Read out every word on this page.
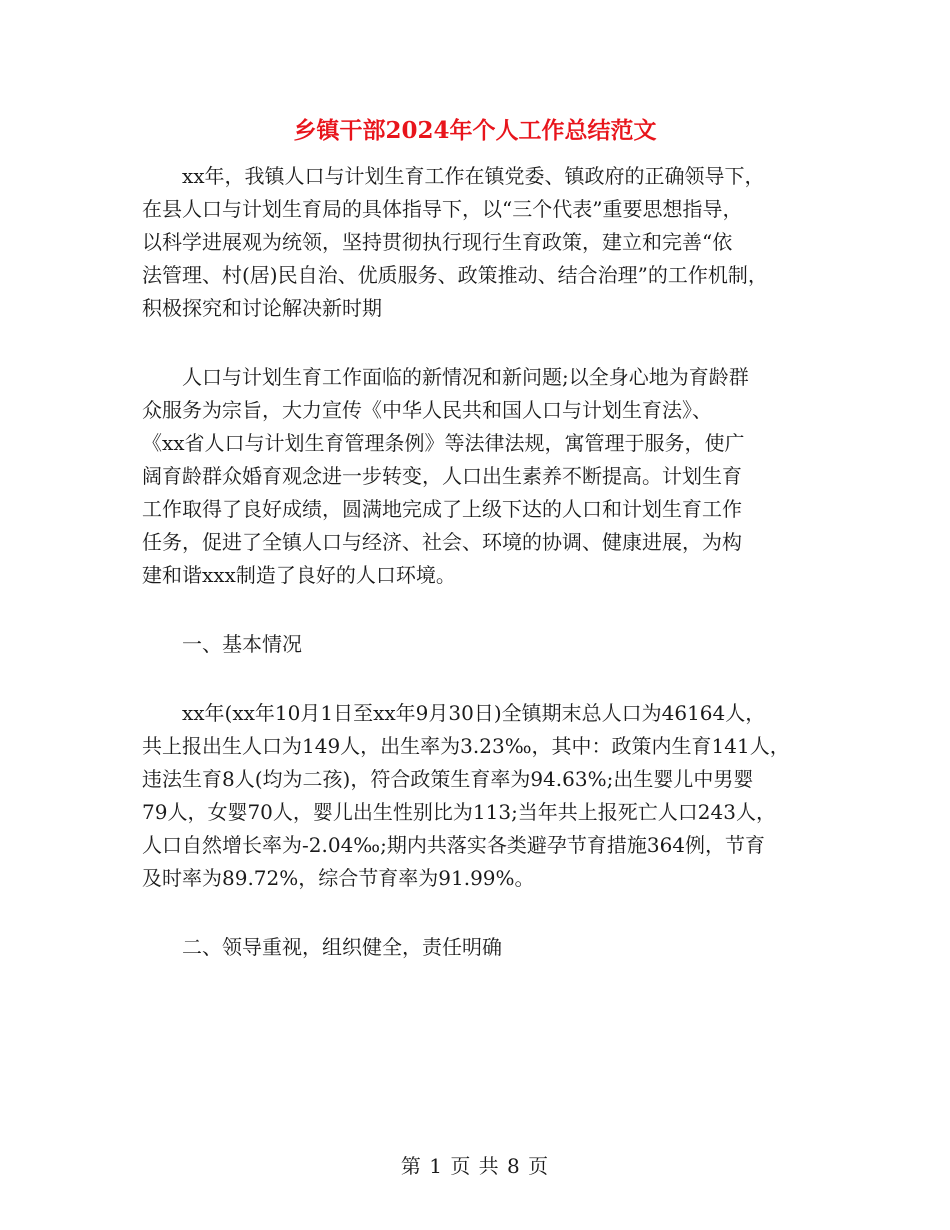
乡镇干部2024年个人工作总结范文
xx年，我镇人口与计划生育工作在镇党委、镇政府的正确领导下，
在县人口与计划生育局的具体指导下，以“三个代表”重要思想指导，
以科学进展观为统领，坚持贯彻执行现行生育政策，建立和完善“依
法管理、村(居)民自治、优质服务、政策推动、结合治理”的工作机制，
积极探究和讨论解决新时期
人口与计划生育工作面临的新情况和新问题;以全身心地为育龄群
众服务为宗旨，大力宣传《中华人民共和国人口与计划生育法》、
《xx省人口与计划生育管理条例》等法律法规，寓管理于服务，使广
阔育龄群众婚育观念进一步转变，人口出生素养不断提高。计划生育
工作取得了良好成绩，圆满地完成了上级下达的人口和计划生育工作
任务，促进了全镇人口与经济、社会、环境的协调、健康进展，为构
建和谐xxx制造了良好的人口环境。
一、基本情况
xx年(xx年10月1日至xx年9月30日)全镇期末总人口为46164人，
共上报出生人口为149人，出生率为3.23‰，其中：政策内生育141人，
违法生育8人(均为二孩)，符合政策生育率为94.63%;出生婴儿中男婴
79人，女婴70人，婴儿出生性别比为113;当年共上报死亡人口243人，
人口自然增长率为-2.04‰;期内共落实各类避孕节育措施364例，节育
及时率为89.72%，综合节育率为91.99%。
二、领导重视，组织健全，责任明确
第 1 页 共 8 页
